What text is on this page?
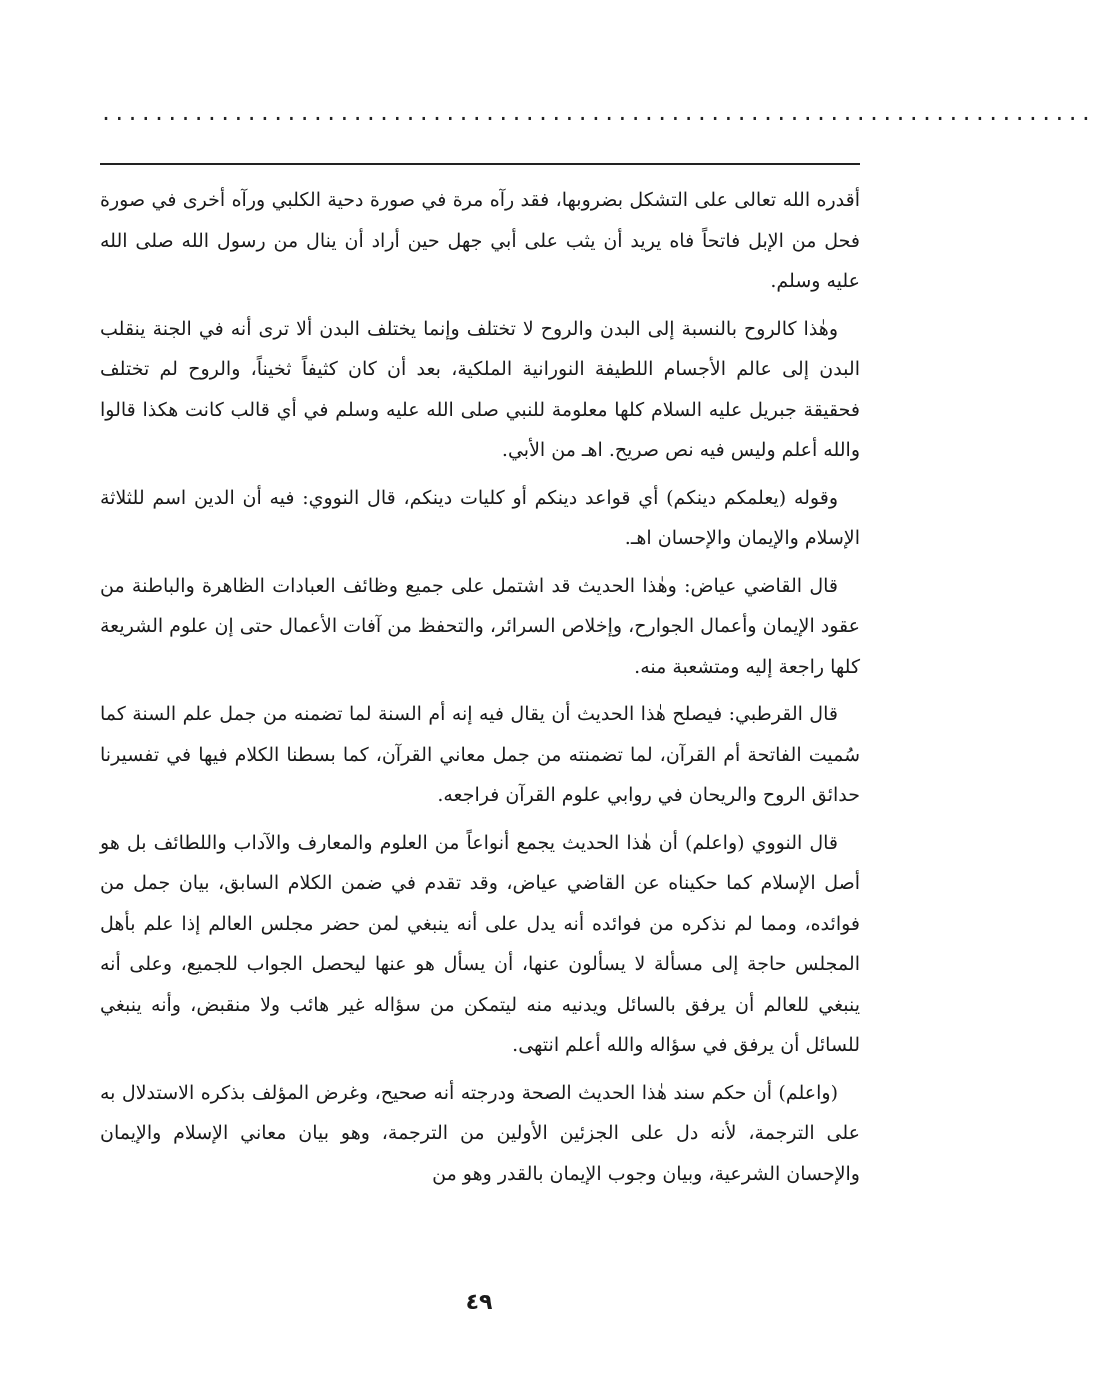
...........................................................................

أقدره الله تعالى على التشكل بضروبها، فقد رآه مرة في صورة دحية الكلبي ورآه أخرى في صورة فحل من الإبل فاتحاً فاه يريد أن يثب على أبي جهل حين أراد أن ينال من رسول الله صلى الله عليه وسلم.

وهٰذا كالروح بالنسبة إلى البدن والروح لا تختلف وإنما يختلف البدن ألا ترى أنه في الجنة ينقلب البدن إلى عالم الأجسام اللطيفة النورانية الملكية، بعد أن كان كثيفاً ثخيناً، والروح لم تختلف فحقيقة جبريل عليه السلام كلها معلومة للنبي صلى الله عليه وسلم في أي قالب كانت هكذا قالوا والله أعلم وليس فيه نص صريح. اهـ من الأبي.

وقوله (يعلمكم دينكم) أي قواعد دينكم أو كليات دينكم، قال النووي: فيه أن الدين اسم للثلاثة الإسلام والإيمان والإحسان اهـ.

قال القاضي عياض: وهٰذا الحديث قد اشتمل على جميع وظائف العبادات الظاهرة والباطنة من عقود الإيمان وأعمال الجوارح، وإخلاص السرائر، والتحفظ من آفات الأعمال حتى إن علوم الشريعة كلها راجعة إليه ومتشعبة منه.

قال القرطبي: فيصلح هٰذا الحديث أن يقال فيه إنه أم السنة لما تضمنه من جمل علم السنة كما سُميت الفاتحة أم القرآن، لما تضمنته من جمل معاني القرآن، كما بسطنا الكلام فيها في تفسيرنا حدائق الروح والريحان في روابي علوم القرآن فراجعه.

قال النووي (واعلم) أن هٰذا الحديث يجمع أنواعاً من العلوم والمعارف والآداب واللطائف بل هو أصل الإسلام كما حكيناه عن القاضي عياض، وقد تقدم في ضمن الكلام السابق، بيان جمل من فوائده، ومما لم نذكره من فوائده أنه يدل على أنه ينبغي لمن حضر مجلس العالم إذا علم بأهل المجلس حاجة إلى مسألة لا يسألون عنها، أن يسأل هو عنها ليحصل الجواب للجميع، وعلى أنه ينبغي للعالم أن يرفق بالسائل ويدنيه منه ليتمكن من سؤاله غير هائب ولا منقبض، وأنه ينبغي للسائل أن يرفق في سؤاله والله أعلم انتهى.

(واعلم) أن حكم سند هٰذا الحديث الصحة ودرجته أنه صحيح، وغرض المؤلف بذكره الاستدلال به على الترجمة، لأنه دل على الجزئين الأولين من الترجمة، وهو بيان معاني الإسلام والإيمان والإحسان الشرعية، وبيان وجوب الإيمان بالقدر وهو من

٤٩
